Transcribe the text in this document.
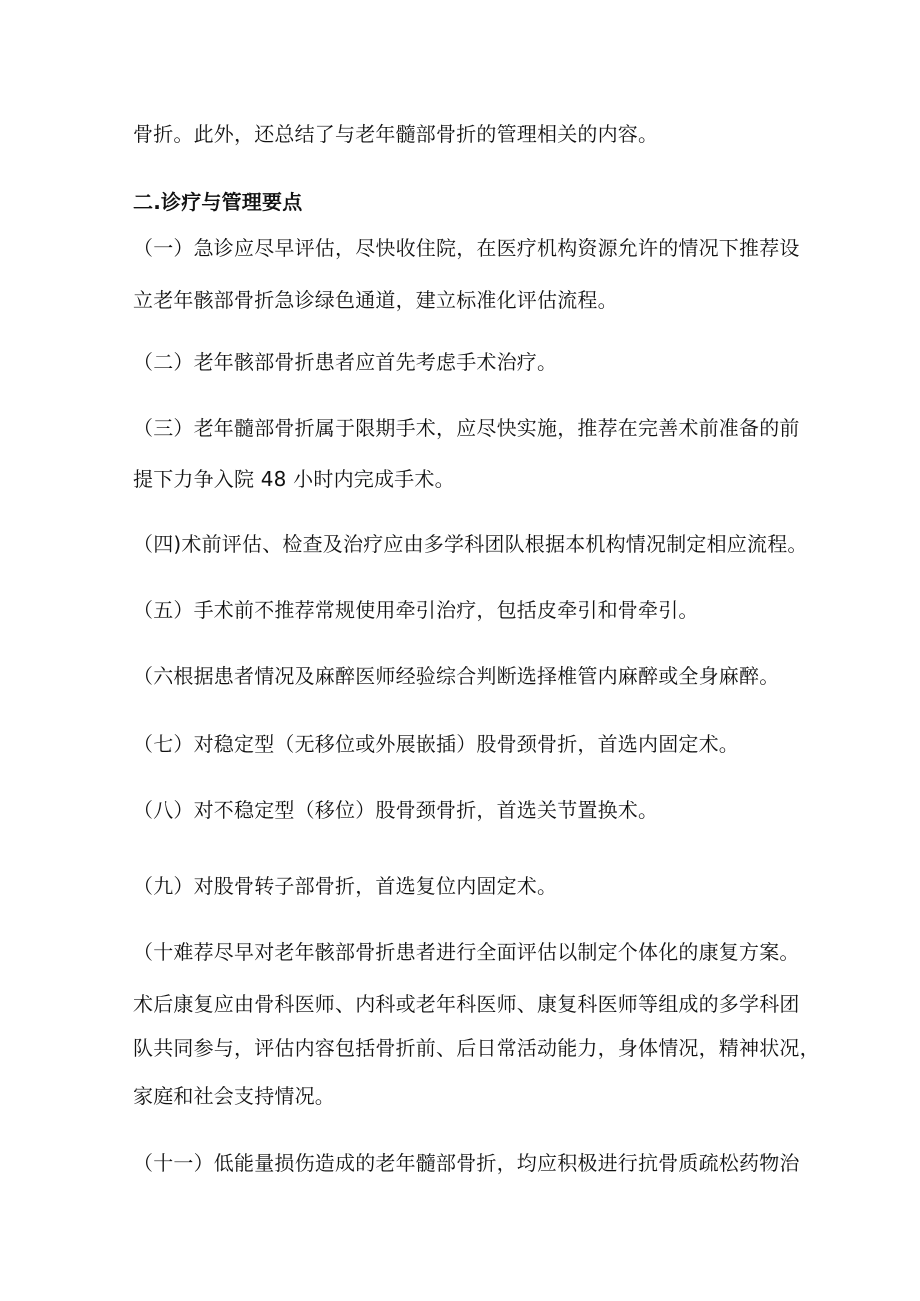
骨折。此外，还总结了与老年髓部骨折的管理相关的内容。
二.诊疗与管理要点
（一）急诊应尽早评估，尽快收住院，在医疗机构资源允许的情况下推荐设
立老年骸部骨折急诊绿色通道，建立标准化评估流程。
（二）老年骸部骨折患者应首先考虑手术治疗。
（三）老年髓部骨折属于限期手术，应尽快实施，推荐在完善术前准备的前
提下力争入院 48 小时内完成手术。
（四)术前评估、检查及治疗应由多学科团队根据本机构情况制定相应流程。
（五）手术前不推荐常规使用牵引治疗，包括皮牵引和骨牵引。
（六根据患者情况及麻醉医师经验综合判断选择椎管内麻醉或全身麻醉。
（七）对稳定型（无移位或外展嵌插）股骨颈骨折，首选内固定术。
（八）对不稳定型（移位）股骨颈骨折，首选关节置换术。
（九）对股骨转子部骨折，首选复位内固定术。
（十难荐尽早对老年骸部骨折患者进行全面评估以制定个体化的康复方案。
术后康复应由骨科医师、内科或老年科医师、康复科医师等组成的多学科团
队共同参与，评估内容包括骨折前、后日常活动能力，身体情况，精神状况，
家庭和社会支持情况。
（十一）低能量损伤造成的老年髓部骨折，均应积极进行抗骨质疏松药物治
